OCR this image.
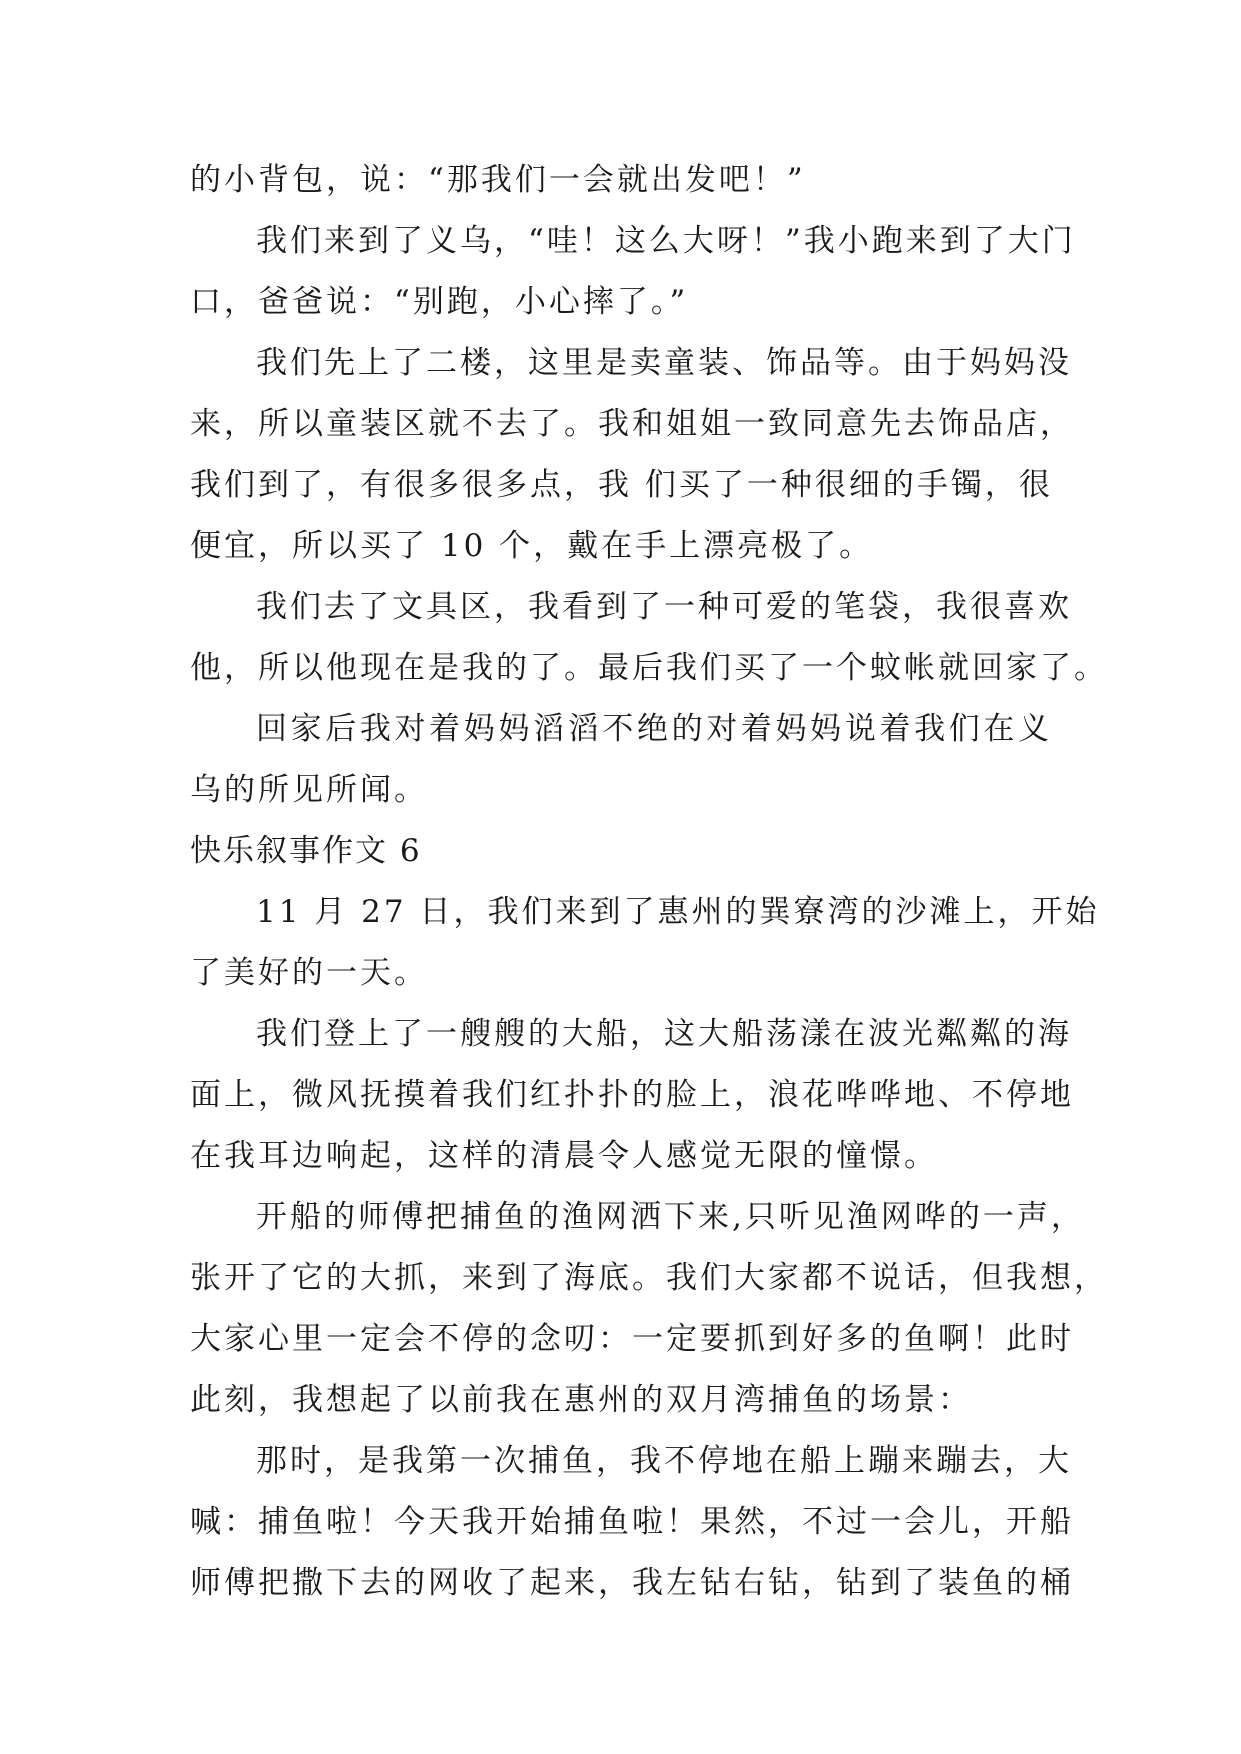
的小背包，说：“那我们一会就出发吧！”
我们来到了义乌，“哇！这么大呀！”我小跑来到了大门
口，爸爸说：“别跑，小心摔了。”
我们先上了二楼，这里是卖童装、饰品等。由于妈妈没
来，所以童装区就不去了。我和姐姐一致同意先去饰品店，
我们到了，有很多很多点，我 们买了一种很细的手镯，很
便宜，所以买了 10 个，戴在手上漂亮极了。
我们去了文具区，我看到了一种可爱的笔袋，我很喜欢
他，所以他现在是我的了。最后我们买了一个蚊帐就回家了。
回家后我对着妈妈滔滔不绝的对着妈妈说着我们在义
乌的所见所闻。
快乐叙事作文 6
11 月 27 日，我们来到了惠州的巽寮湾的沙滩上，开始
了美好的一天。
我们登上了一艘艘的大船，这大船荡漾在波光粼粼的海
面上，微风抚摸着我们红扑扑的脸上，浪花哗哗地、不停地
在我耳边响起，这样的清晨令人感觉无限的憧憬。
开船的师傅把捕鱼的渔网洒下来,只听见渔网哗的一声，
张开了它的大抓，来到了海底。我们大家都不说话，但我想，
大家心里一定会不停的念叨：一定要抓到好多的鱼啊！此时
此刻，我想起了以前我在惠州的双月湾捕鱼的场景：
那时，是我第一次捕鱼，我不停地在船上蹦来蹦去，大
喊：捕鱼啦！今天我开始捕鱼啦！果然，不过一会儿，开船
师傅把撒下去的网收了起来，我左钻右钻，钻到了装鱼的桶
